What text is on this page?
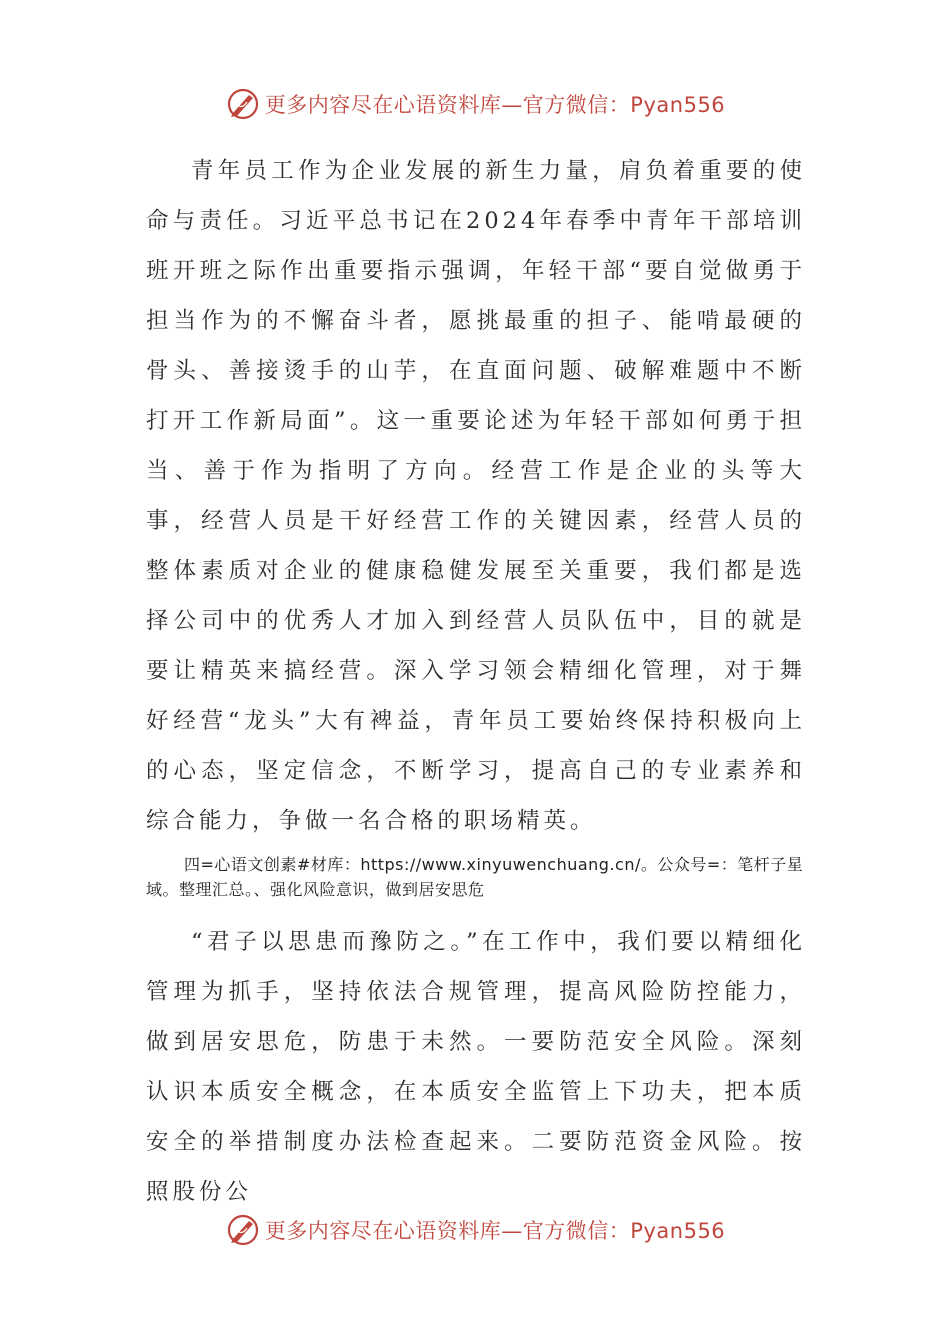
更多内容尽在心语资料库—官方微信：Pyan556

青年员工作为企业发展的新生力量，肩负着重要的使命与责任。习近平总书记在2024年春季中青年干部培训班开班之际作出重要指示强调，年轻干部“要自觉做勇于担当作为的不懈奋斗者，愿挑最重的担子、能啃最硬的骨头、善接烫手的山芋，在直面问题、破解难题中不断打开工作新局面”。这一重要论述为年轻干部如何勇于担当、善于作为指明了方向。经营工作是企业的头等大事，经营人员是干好经营工作的关键因素，经营人员的整体素质对企业的健康稳健发展至关重要，我们都是选择公司中的优秀人才加入到经营人员队伍中，目的就是要让精英来搞经营。深入学习领会精细化管理，对于舞好经营“龙头”大有裨益，青年员工要始终保持积极向上的心态，坚定信念，不断学习，提高自己的专业素养和综合能力，争做一名合格的职场精英。

四=心语文创素#材库：https://www.xinyuwenchuang.cn/。公众号=：笔杆子星域。整理汇总。、强化风险意识，做到居安思危

“君子以思患而豫防之。”在工作中，我们要以精细化管理为抓手，坚持依法合规管理，提高风险防控能力，做到居安思危，防患于未然。一要防范安全风险。深刻认识本质安全概念，在本质安全监管上下功夫，把本质安全的举措制度办法检查起来。二要防范资金风险。按照股份公

更多内容尽在心语资料库—官方微信：Pyan556
